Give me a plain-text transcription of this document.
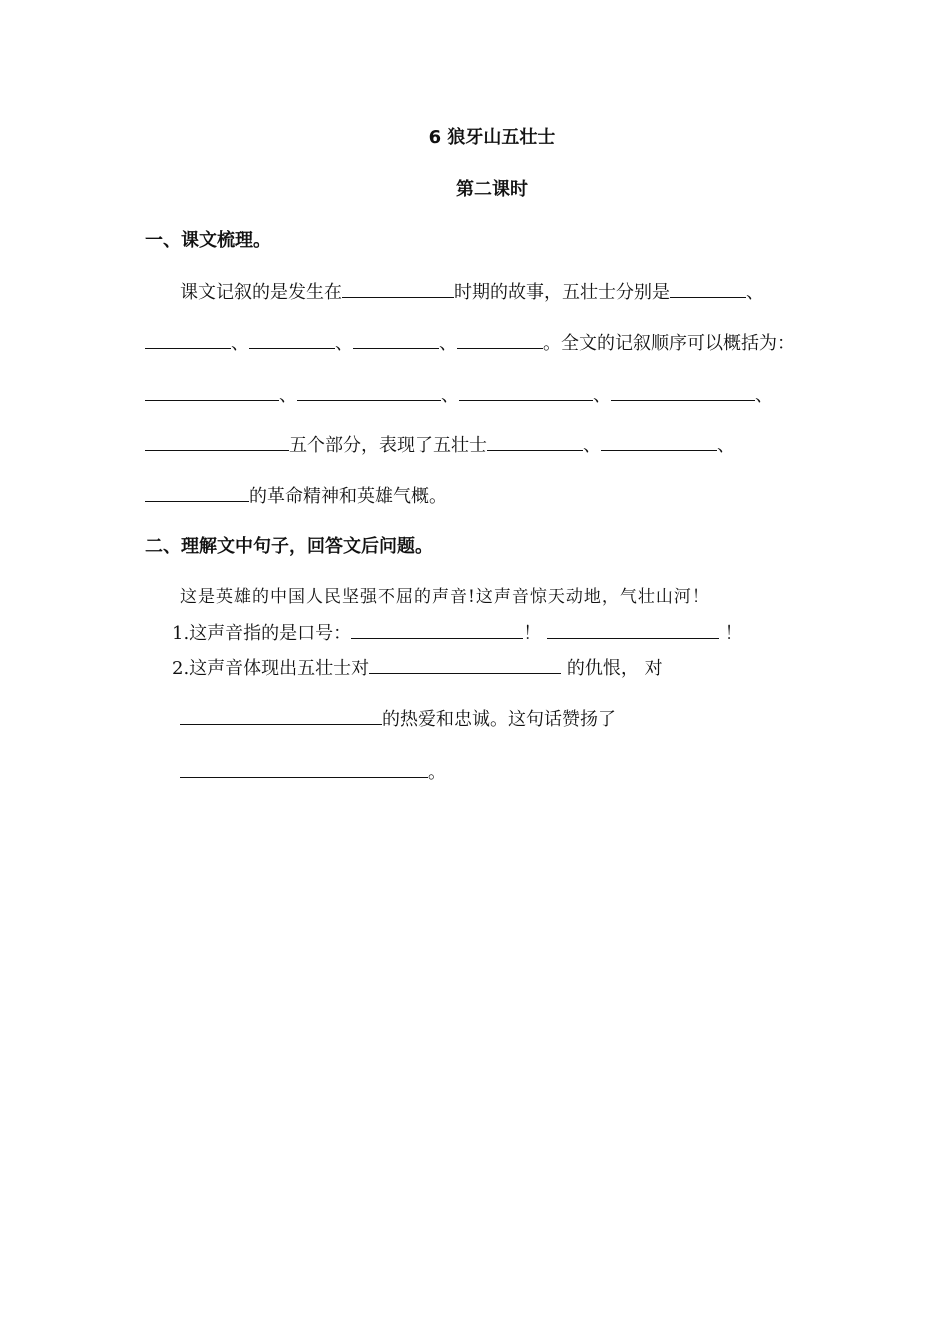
6 狼牙山五壮士
第二课时
一、课文梳理。
课文记叙的是发生在	时期的故事，五壮士分别是	、
、	、	、	。全文的记叙顺序可以概括为：
、	、	、	、
五个部分，表现了五壮士	、	、
的革命精神和英雄气概。
二、理解文中句子，回答文后问题。
这是英雄的中国人民坚强不屈的声音!这声音惊天动地，气壮山河！
1.这声音指的是口号：	！	！
2.这声音体现出五壮士对	的仇恨， 对
的热爱和忠诚。这句话赞扬了
。
